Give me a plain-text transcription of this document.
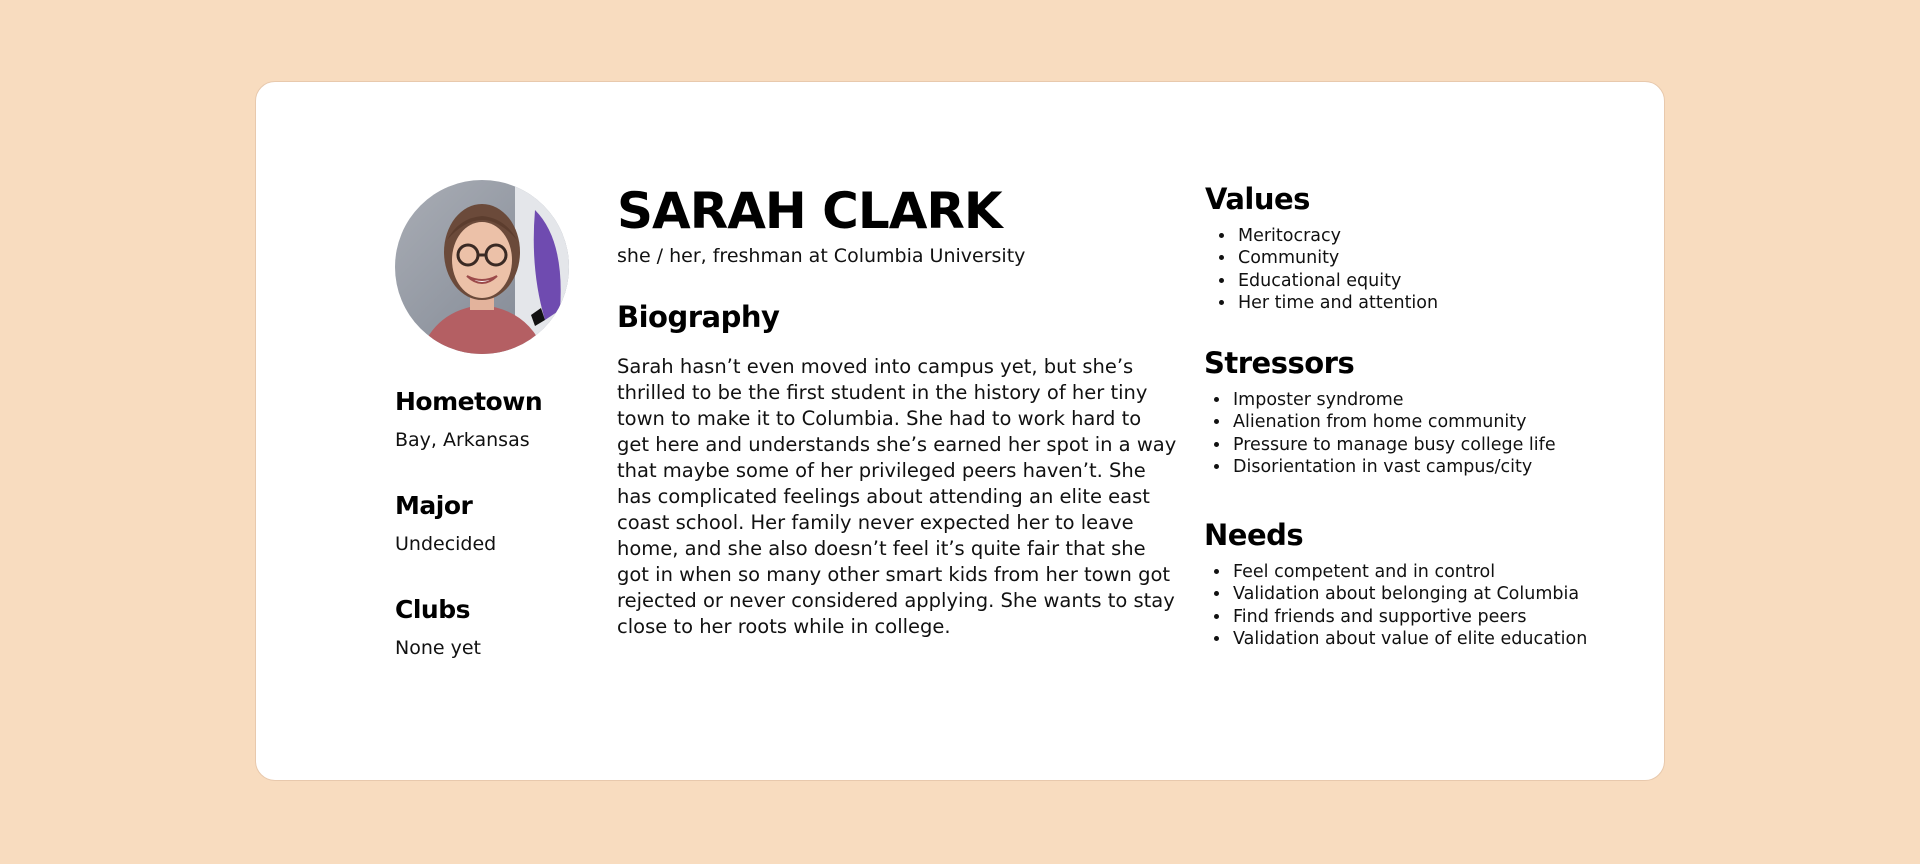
Hometown

Bay, Arkansas

Major

Undecided

Clubs

None yet

SARAH CLARK

she / her, freshman at Columbia University

Biography

Sarah hasn’t even moved into campus yet, but she’s thrilled to be the first student in the history of her tiny town to make it to Columbia. She had to work hard to get here and understands she’s earned her spot in a way that maybe some of her privileged peers haven’t. She has complicated feelings about attending an elite east coast school. Her family never expected her to leave home, and she also doesn’t feel it’s quite fair that she got in when so many other smart kids from her town got rejected or never considered applying. She wants to stay close to her roots while in college.

Values
• Meritocracy
• Community
• Educational equity
• Her time and attention
Stressors
• Imposter syndrome
• Alienation from home community
• Pressure to manage busy college life
• Disorientation in vast campus/city
Needs
• Feel competent and in control
• Validation about belonging at Columbia
• Find friends and supportive peers
• Validation about value of elite education
